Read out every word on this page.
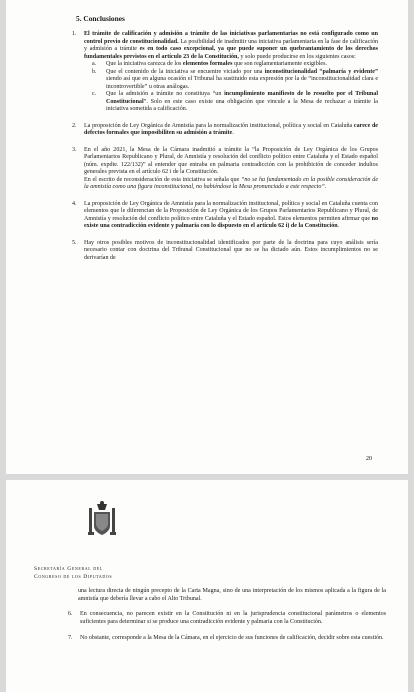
5. Conclusiones
1. El trámite de calificación y admisión a trámite de las iniciativas parlamentarias no está configurado como un control previo de constitucionalidad. La posibilidad de inadmitir una iniciativa parlamentaria en la fase de calificación y admisión a trámite es en todo caso excepcional, ya que puede suponer un quebrantamiento de los derechos fundamentales previstos en el artículo 23 de la Constitución, y solo puede producirse en los siguientes casos:
a. Que la iniciativa carezca de los elementos formales que son reglamentariamente exigibles.
b. Que el contenido de la iniciativa se encuentre viciado por una inconstitucionalidad “palmaria y evidente” siendo así que en alguna ocasión el Tribunal ha sustituido esta expresión por la de “inconstitucionalidad clara e incontrovertible” u otras análogas.
c. Que la admisión a trámite no constituya “un incumplimiento manifiesto de lo resuelto por el Tribunal Constitucional”. Solo en este caso existe una obligación que vincule a la Mesa de rechazar a trámite la iniciativa sometida a calificación.
2. La proposición de Ley Orgánica de Amnistía para la normalización institucional, política y social en Cataluña carece de defectos formales que imposibiliten su admisión a trámite.
3. En el año 2021, la Mesa de la Cámara inadmitió a trámite la “la Proposición de Ley Orgánica de los Grupos Parlamentarios Republicano y Plural, de Amnistía y resolución del conflicto político entre Cataluña y el Estado español (núm. expdte. 122/132)” al entender que entraba en palmaria contradicción con la prohibición de conceder indultos generales prevista en el artículo 62 i de la Constitución.
En el escrito de reconsideración de esta iniciativa se señala que “no se ha fundamentado en la posible consideración de la amnistía como una figura inconstitucional, no habiéndose la Mesa pronunciado a este respecto”.
4. La proposición de Ley Orgánica de Amnistía para la normalización institucional, política y social en Cataluña cuenta con elementos que le diferencian de la Proposición de Ley Orgánica de los Grupos Parlamentarios Republicano y Plural, de Amnistía y resolución del conflicto político entre Cataluña y el Estado español. Estos elementos permiten afirmar que no existe una contradicción evidente y palmaria con lo dispuesto en el artículo 62 i) de la Constitución.
5. Hay otros posibles motivos de inconstitucionalidad identificados por parte de la doctrina para cuyo análisis sería necesario contar con doctrina del Tribunal Constitucional que no se ha dictado aún. Estos incumplimientos no se derivarían de
20
Secretaría General del
Congreso de los Diputados
una lectura directa de ningún precepto de la Carta Magna, sino de una interpretación de los mismos aplicada a la figura de la amnistía que debería llevar a cabo el Alto Tribunal.
6. En consecuencia, no parecen existir en la Constitución ni en la jurisprudencia constitucional parámetros o elementos suficientes para determinar si se produce una contradicción evidente y palmaria con la Constitución.
7. No obstante, corresponde a la Mesa de la Cámara, en el ejercicio de sus funciones de calificación, decidir sobre esta cuestión.
